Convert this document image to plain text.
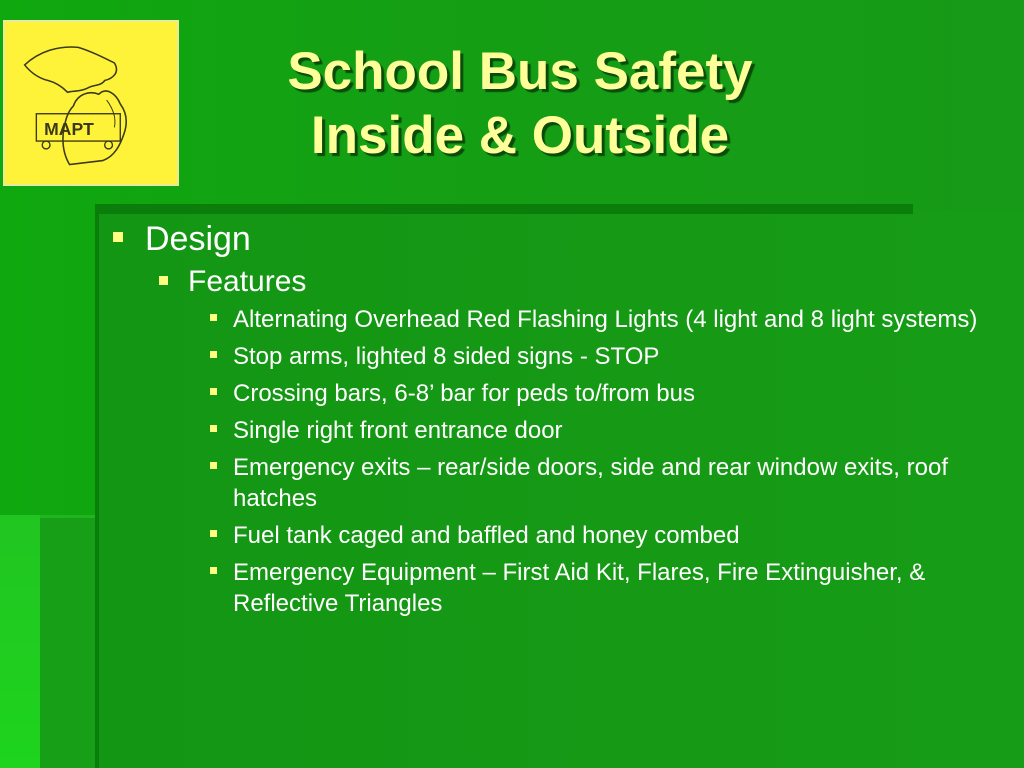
MAPT
School Bus Safety
Inside & Outside
Design
Features
Alternating Overhead Red Flashing Lights (4 light and 8 light systems)
Stop arms, lighted 8 sided signs - STOP
Crossing bars, 6-8’ bar for peds to/from bus
Single right front entrance door
Emergency exits – rear/side doors, side and rear window exits, roof hatches
Fuel tank caged and baffled and honey combed
Emergency Equipment – First Aid Kit, Flares, Fire Extinguisher, & Reflective Triangles
